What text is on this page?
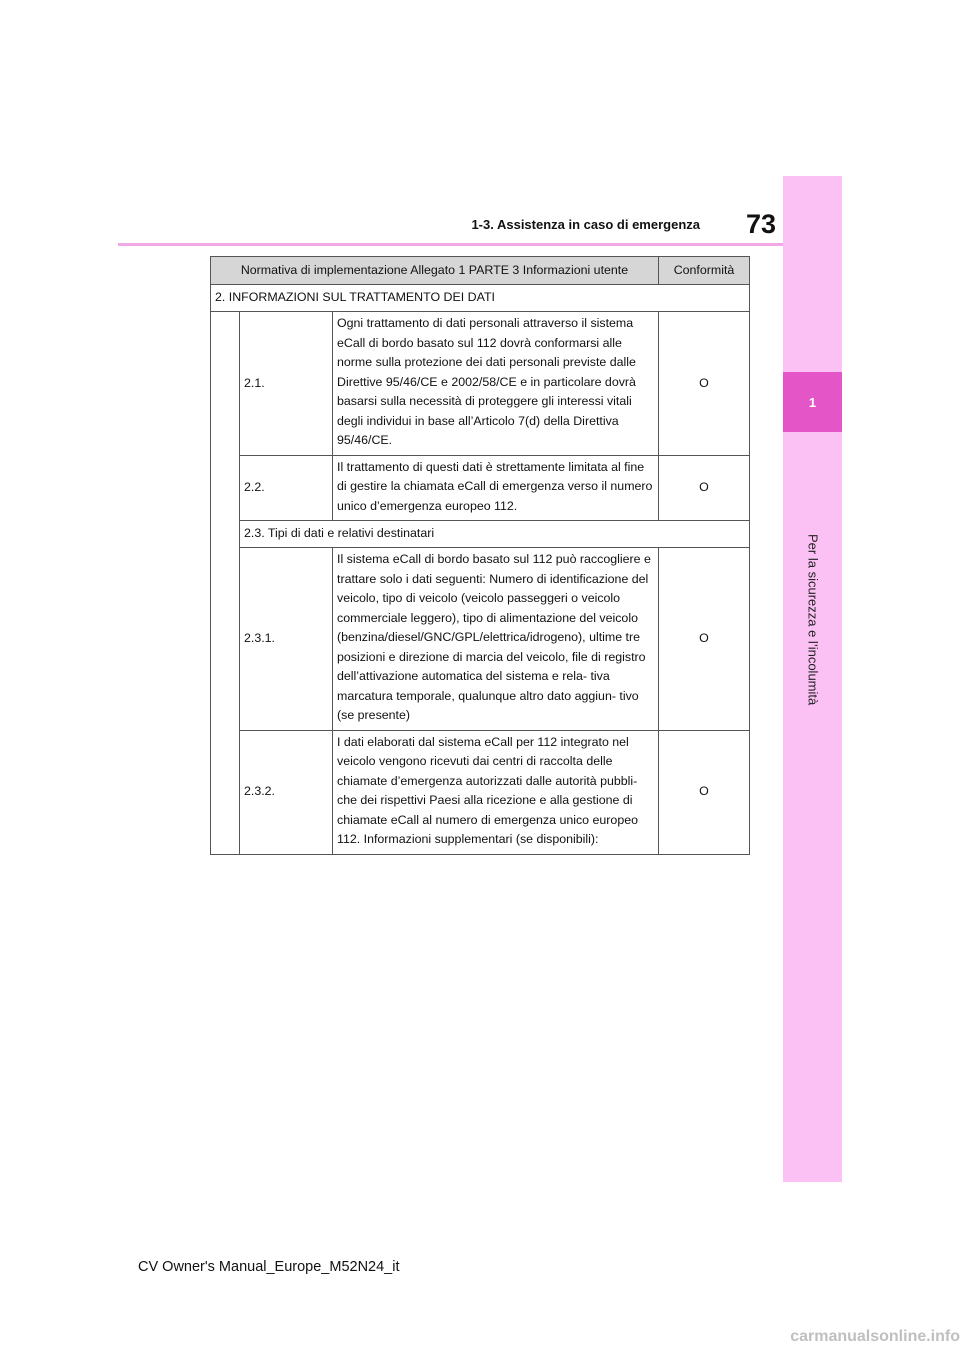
1
Per la sicurezza e l’incolumità
73
1-3. Assistenza in caso di emergenza
Normativa di implementazione Allegato 1 PARTE 3 Informazioni utente			Conformità
2. INFORMAZIONI SUL TRATTAMENTO DEI DATI			
	2.1.	Ogni trattamento di dati personali attraverso il sistema eCall di bordo basato sul 112 dovrà conformarsi alle norme sulla protezione dei dati personali previste dalle Direttive 95/46/CE e 2002/58/CE e in particolare dovrà basarsi sulla necessità di proteggere gli interessi vitali degli individui in base all’Articolo 7(d) della Direttiva 95/46/CE.	O
	2.2.	Il trattamento di questi dati è strettamente limitata al fine di gestire la chiamata eCall di emergenza verso il numero unico d’emergenza europeo 112.	O
	2.3. Tipi di dati e relativi destinatari		
	2.3.1.	Il sistema eCall di bordo basato sul 112 può raccogliere e trattare solo i dati seguenti: Numero di identificazione del veicolo, tipo di veicolo (veicolo passeggeri o veicolo commerciale leggero), tipo di alimentazione del veicolo (benzina/diesel/GNC/GPL/elettrica/idrogeno), ultime tre posizioni e direzione di marcia del veicolo, file di registro dell’attivazione automatica del sistema e rela- tiva marcatura temporale, qualunque altro dato aggiun- tivo (se presente)	O
	2.3.2.	I dati elaborati dal sistema eCall per 112 integrato nel veicolo vengono ricevuti dai centri di raccolta delle chiamate d’emergenza autorizzati dalle autorità pubbli- che dei rispettivi Paesi alla ricezione e alla gestione di chiamate eCall al numero di emergenza unico europeo 112. Informazioni supplementari (se disponibili):	O
CV Owner's Manual_Europe_M52N24_it
carmanualsonline.info
